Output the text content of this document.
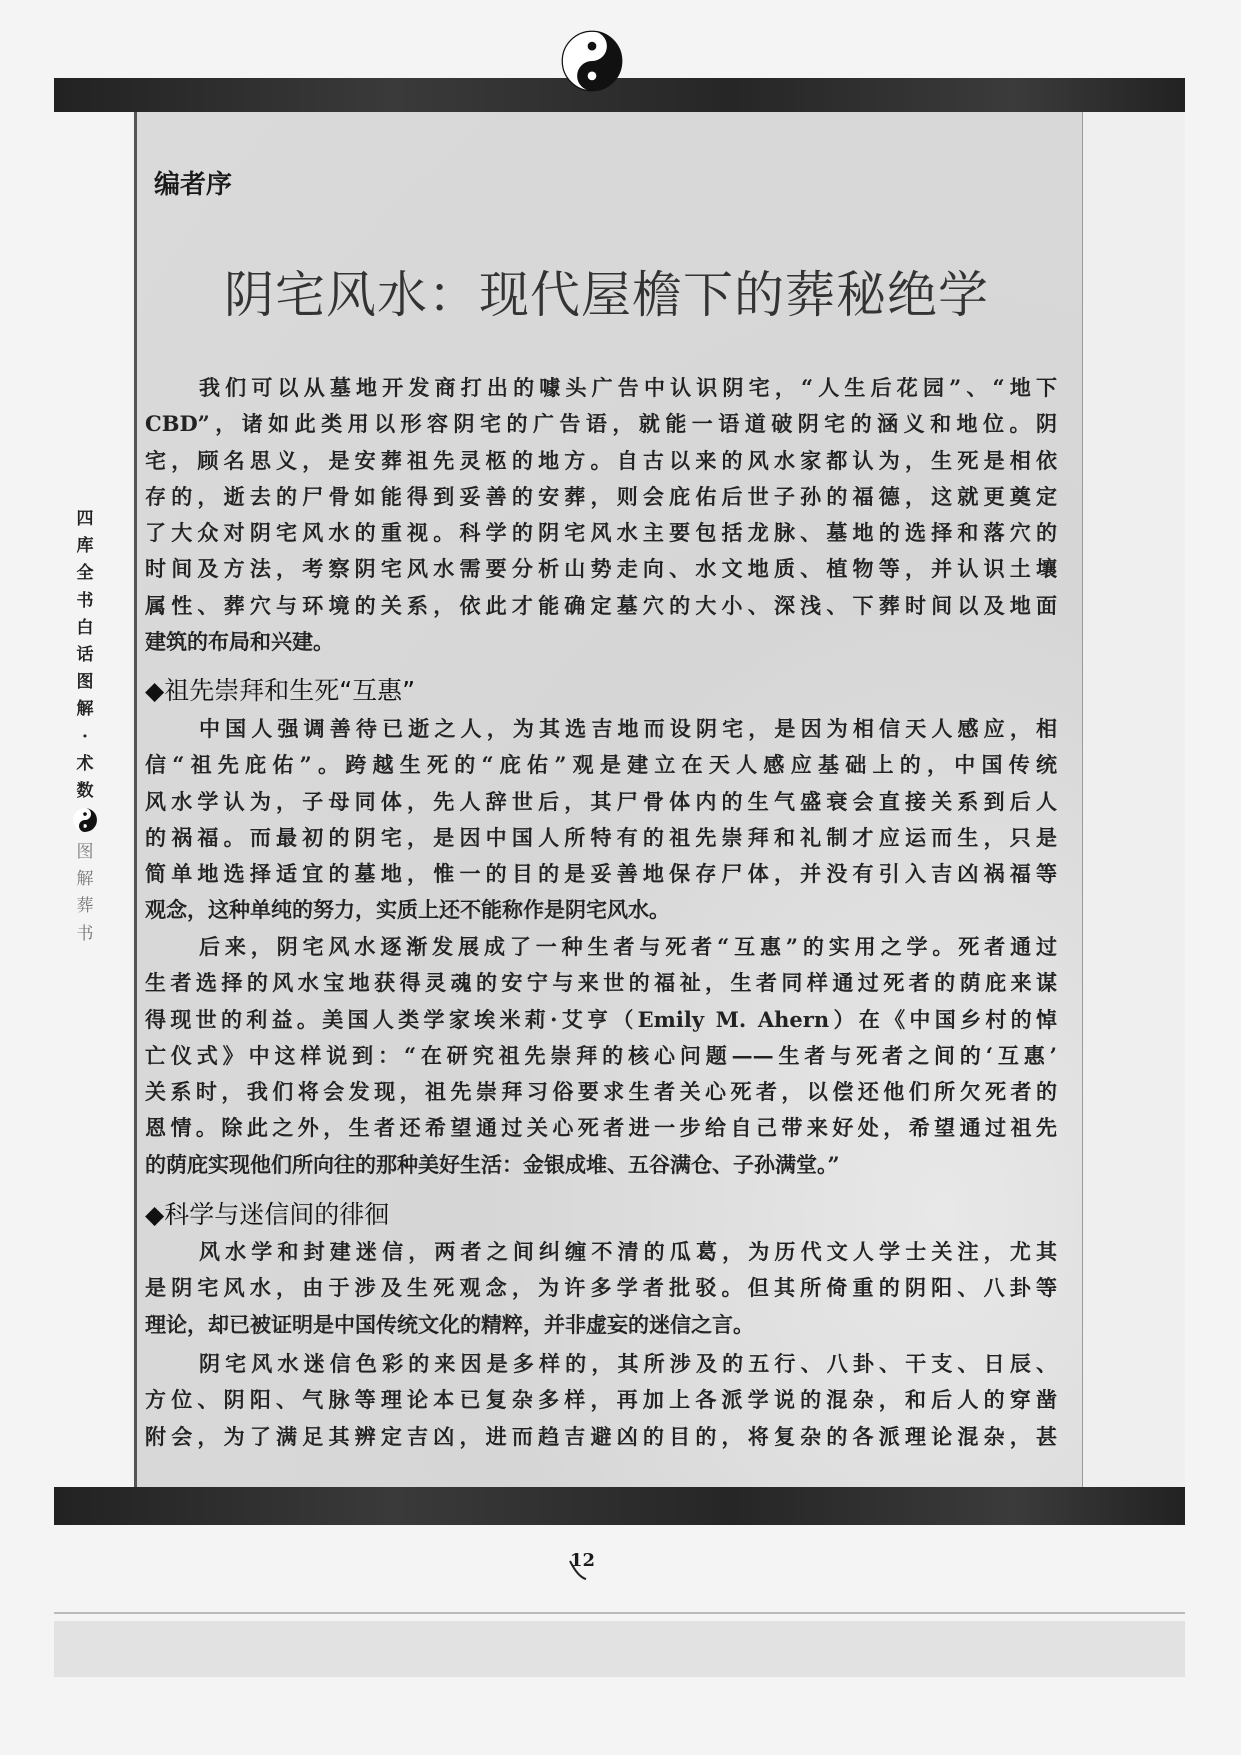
编者序
阴宅风水：现代屋檐下的葬秘绝学
四
库
全
书
白
话
图
解
·
术
数
图
解
葬
书
我们可以从墓地开发商打出的噱头广告中认识阴宅，“人生后花园”、“地下
CBD”，诸如此类用以形容阴宅的广告语，就能一语道破阴宅的涵义和地位。阴
宅，顾名思义，是安葬祖先灵柩的地方。自古以来的风水家都认为，生死是相依
存的，逝去的尸骨如能得到妥善的安葬，则会庇佑后世子孙的福德，这就更奠定
了大众对阴宅风水的重视。科学的阴宅风水主要包括龙脉、墓地的选择和落穴的
时间及方法，考察阴宅风水需要分析山势走向、水文地质、植物等，并认识土壤
属性、葬穴与环境的关系，依此才能确定墓穴的大小、深浅、下葬时间以及地面
建筑的布局和兴建。
◆祖先崇拜和生死“互惠”
中国人强调善待已逝之人，为其选吉地而设阴宅，是因为相信天人感应，相
信“祖先庇佑”。跨越生死的“庇佑”观是建立在天人感应基础上的，中国传统
风水学认为，子母同体，先人辞世后，其尸骨体内的生气盛衰会直接关系到后人
的祸福。而最初的阴宅，是因中国人所特有的祖先崇拜和礼制才应运而生，只是
简单地选择适宜的墓地，惟一的目的是妥善地保存尸体，并没有引入吉凶祸福等
观念，这种单纯的努力，实质上还不能称作是阴宅风水。
后来，阴宅风水逐渐发展成了一种生者与死者“互惠”的实用之学。死者通过
生者选择的风水宝地获得灵魂的安宁与来世的福祉，生者同样通过死者的荫庇来谋
得现世的利益。美国人类学家埃米莉·艾亨（Emily M. Ahern）在《中国乡村的悼
亡仪式》中这样说到：“在研究祖先崇拜的核心问题——生者与死者之间的‘互惠’
关系时，我们将会发现，祖先崇拜习俗要求生者关心死者，以偿还他们所欠死者的
恩情。除此之外，生者还希望通过关心死者进一步给自己带来好处，希望通过祖先
的荫庇实现他们所向往的那种美好生活：金银成堆、五谷满仓、子孙满堂。”
◆科学与迷信间的徘徊
风水学和封建迷信，两者之间纠缠不清的瓜葛，为历代文人学士关注，尤其
是阴宅风水，由于涉及生死观念，为许多学者批驳。但其所倚重的阴阳、八卦等
理论，却已被证明是中国传统文化的精粹，并非虚妄的迷信之言。
阴宅风水迷信色彩的来因是多样的，其所涉及的五行、八卦、干支、日辰、
方位、阴阳、气脉等理论本已复杂多样，再加上各派学说的混杂，和后人的穿凿
附会，为了满足其辨定吉凶，进而趋吉避凶的目的，将复杂的各派理论混杂，甚
12
